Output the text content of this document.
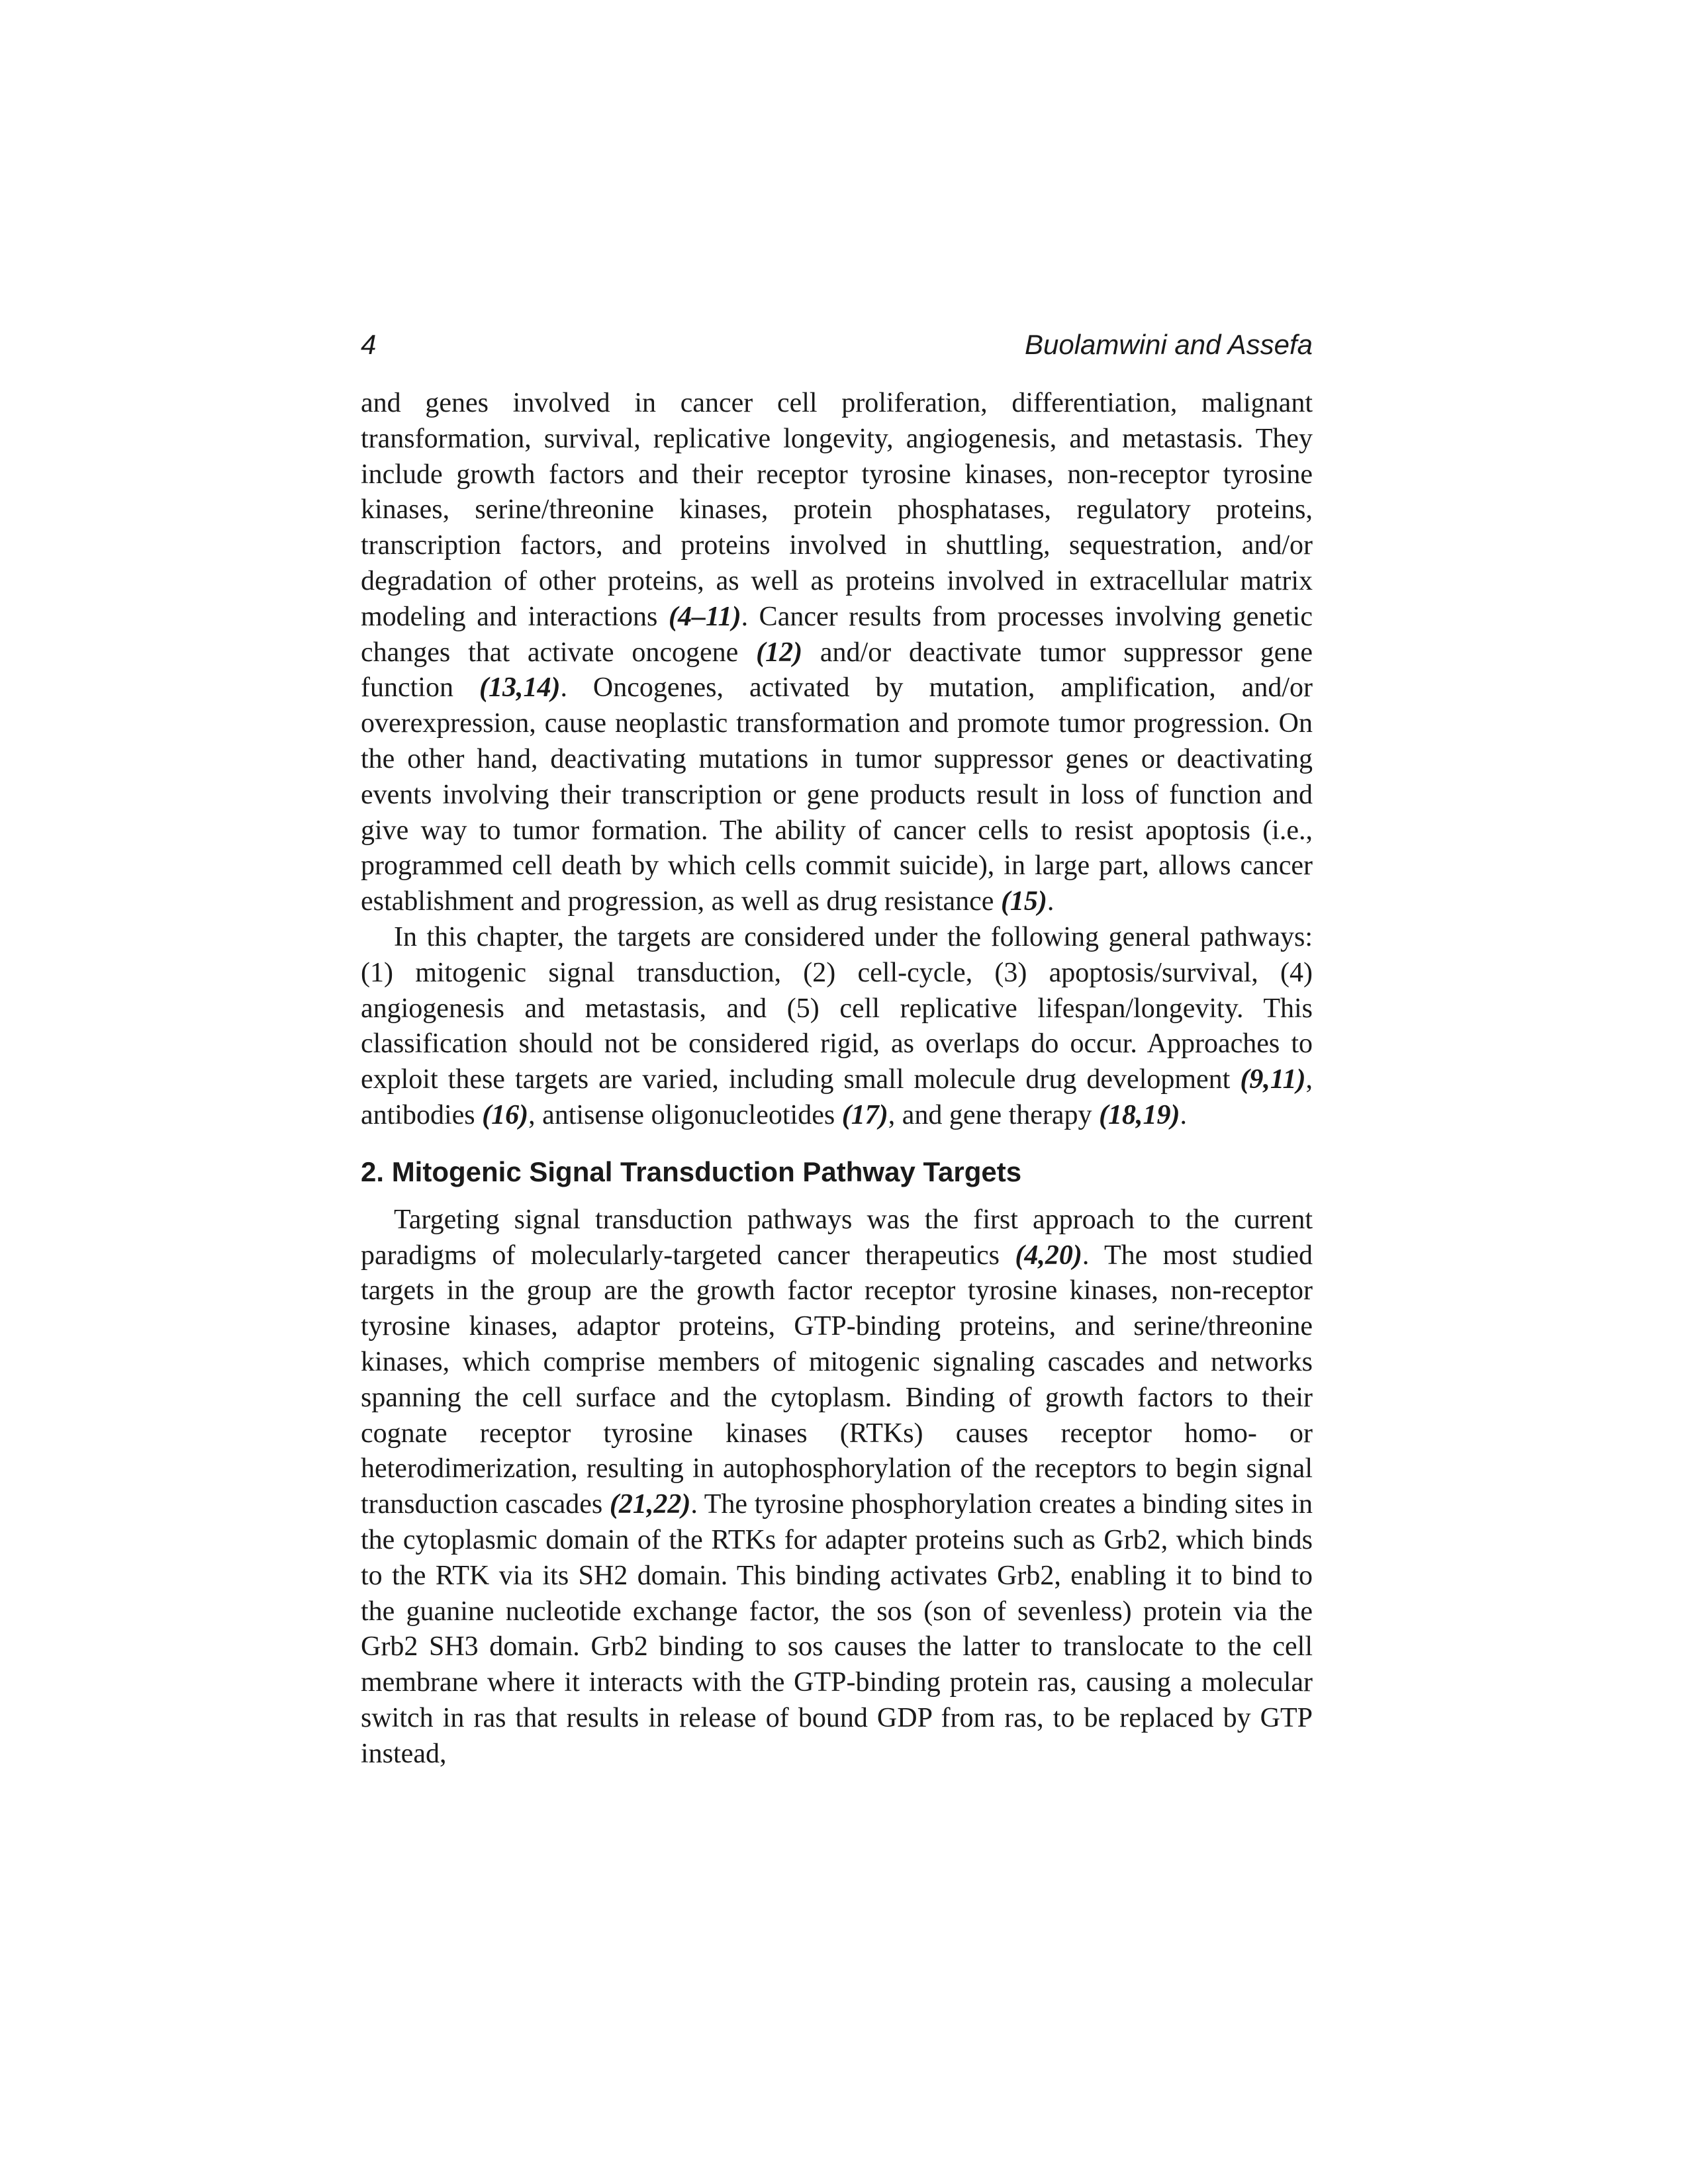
4	Buolamwini and Assefa

and genes involved in cancer cell proliferation, differentiation, malignant transformation, survival, replicative longevity, angiogenesis, and metastasis. They include growth factors and their receptor tyrosine kinases, non-receptor tyrosine kinases, serine/threonine kinases, protein phosphatases, regulatory proteins, transcription factors, and proteins involved in shuttling, sequestration, and/or degradation of other proteins, as well as proteins involved in extracellular matrix modeling and interactions (4–11). Cancer results from processes involving genetic changes that activate oncogene (12) and/or deactivate tumor suppressor gene function (13,14). Oncogenes, activated by mutation, amplification, and/or overexpression, cause neoplastic transformation and promote tumor progression. On the other hand, deactivating mutations in tumor suppressor genes or deactivating events involving their transcription or gene products result in loss of function and give way to tumor formation. The ability of cancer cells to resist apoptosis (i.e., programmed cell death by which cells commit suicide), in large part, allows cancer establishment and progression, as well as drug resistance (15).

In this chapter, the targets are considered under the following general pathways: (1) mitogenic signal transduction, (2) cell-cycle, (3) apoptosis/survival, (4) angiogenesis and metastasis, and (5) cell replicative lifespan/longevity. This classification should not be considered rigid, as overlaps do occur. Approaches to exploit these targets are varied, including small molecule drug development (9,11), antibodies (16), antisense oligonucleotides (17), and gene therapy (18,19).

2. Mitogenic Signal Transduction Pathway Targets

Targeting signal transduction pathways was the first approach to the current paradigms of molecularly-targeted cancer therapeutics (4,20). The most studied targets in the group are the growth factor receptor tyrosine kinases, non-receptor tyrosine kinases, adaptor proteins, GTP-binding proteins, and serine/threonine kinases, which comprise members of mitogenic signaling cascades and networks spanning the cell surface and the cytoplasm. Binding of growth factors to their cognate receptor tyrosine kinases (RTKs) causes receptor homo- or heterodimerization, resulting in autophosphorylation of the receptors to begin signal transduction cascades (21,22). The tyrosine phosphorylation creates a binding sites in the cytoplasmic domain of the RTKs for adapter proteins such as Grb2, which binds to the RTK via its SH2 domain. This binding activates Grb2, enabling it to bind to the guanine nucleotide exchange factor, the sos (son of sevenless) protein via the Grb2 SH3 domain. Grb2 binding to sos causes the latter to translocate to the cell membrane where it interacts with the GTP-binding protein ras, causing a molecular switch in ras that results in release of bound GDP from ras, to be replaced by GTP instead,
